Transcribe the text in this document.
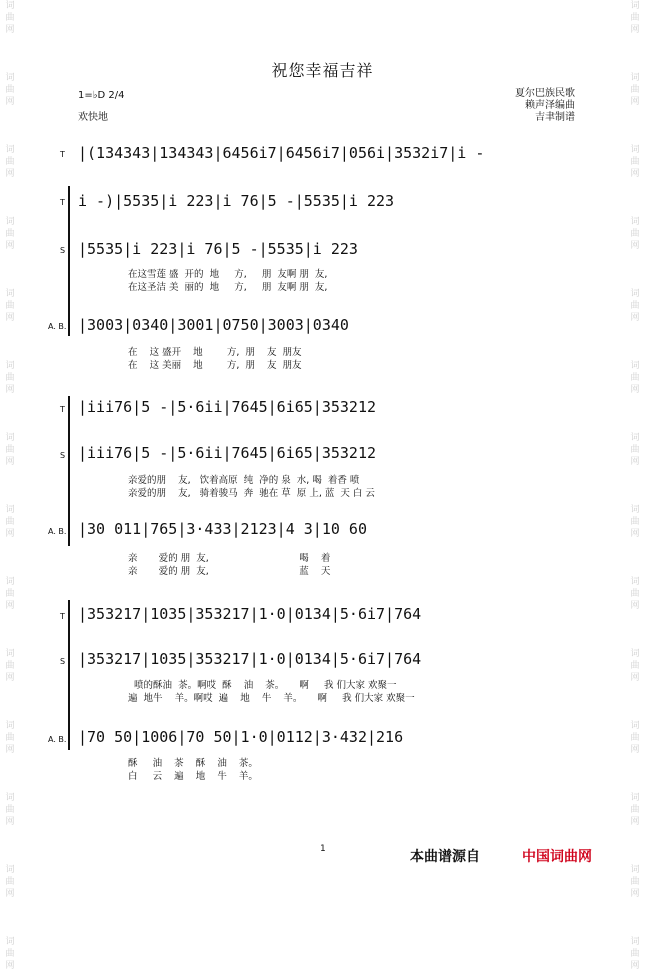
词
曲
网

词
曲
网

词
曲
网

词
曲
网

词
曲
网

词
曲
网

词
曲
网

词
曲
网

词
曲
网

词
曲
网

词
曲
网

词
曲
网

词
曲
网

词
曲
网
词
曲
网

词
曲
网

词
曲
网

词
曲
网

词
曲
网

词
曲
网

词
曲
网

词
曲
网

词
曲
网

词
曲
网

词
曲
网

词
曲
网

词
曲
网

词
曲
网
祝您幸福吉祥
1=♭D 2/4
欢快地
夏尔巴族民歌
赖声泽编曲
吉聿制谱
T |(134343|134343|6456i7|6456i7|056i|3532i7|i -
T i -)|5535|i 223|i 76|5 -|5535|i 223
S |5535|i 223|i 76|5 -|5535|i 223
在这雪莲 盛  开的  地     方,     朋  友啊 朋  友,
在这圣洁 美  丽的  地     方,     朋  友啊 朋  友,
A. B. |3003|0340|3001|0750|3003|0340
在    这 盛开    地        方,  朋    友  朋友
在    这 美丽    地        方,  朋    友  朋友
T |iii76|5 -|5·6ii|7645|6i65|353212
S |iii76|5 -|5·6ii|7645|6i65|353212
亲爱的朋    友,   饮着高原  纯  净的 泉  水, 喝  着香 喷
亲爱的朋    友,   骑着骏马  奔  驰在 草  原 上, 蓝  天 白 云
A. B. |30 011|765|3·433|2123|4 3|10 60
亲       爱的 朋  友,                              喝    着
亲       爱的 朋  友,                              蓝    天
T |353217|1035|353217|1·0|0134|5·6i7|764
S |353217|1035|353217|1·0|0134|5·6i7|764
喷的酥油  茶。啊哎  酥    油    茶。     啊     我 们大家 欢聚一
遍  地牛    羊。啊哎  遍    地    牛    羊。     啊     我 们大家 欢聚一
A. B. |70 50|1006|70 50|1·0|0112|3·432|216
酥     油    茶    酥    油    茶。
白     云    遍    地    牛    羊。
1	本曲谱源自	中国词曲网
